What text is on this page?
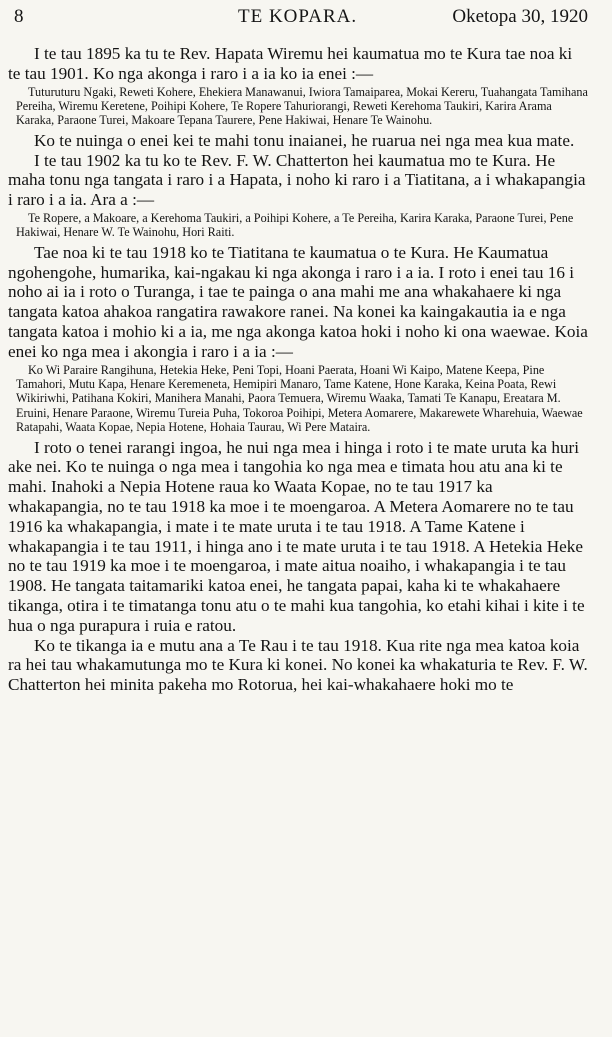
8	TE KOPARA.	Oketopa 30, 1920

I te tau 1895 ka tu te Rev. Hapata Wiremu hei kaumatua mo te Kura tae noa ki te tau 1901. Ko nga akonga i raro i a ia ko ia enei :—

Tuturuturu Ngaki, Reweti Kohere, Ehekiera Manawanui, Iwiora Tamaiparea, Mokai Kereru, Tuahangata Tamihana Pereiha, Wiremu Keretene, Poihipi Kohere, Te Ropere Tahuriorangi, Reweti Kerehoma Taukiri, Karira Arama Karaka, Paraone Turei, Makoare Tepana Taurere, Pene Hakiwai, Henare Te Wainohu.

Ko te nuinga o enei kei te mahi tonu inaianei, he ruarua nei nga mea kua mate.

I te tau 1902 ka tu ko te Rev. F. W. Chatterton hei kaumatua mo te Kura. He maha tonu nga tangata i raro i a Hapata, i noho ki raro i a Tiatitana, a i whakapangia i raro i a ia. Ara a :—

Te Ropere, a Makoare, a Kerehoma Taukiri, a Poihipi Kohere, a Te Pereiha, Karira Karaka, Paraone Turei, Pene Hakiwai, Henare W. Te Wainohu, Hori Raiti.

Tae noa ki te tau 1918 ko te Tiatitana te kaumatua o te Kura. He Kaumatua ngohengohe, humarika, kai-ngakau ki nga akonga i raro i a ia. I roto i enei tau 16 i noho ai ia i roto o Turanga, i tae te painga o ana mahi me ana whakahaere ki nga tangata katoa ahakoa rangatira rawakore ranei. Na konei ka kaingakautia ia e nga tangata katoa i mohio ki a ia, me nga akonga katoa hoki i noho ki ona waewae. Koia enei ko nga mea i akongia i raro i a ia :—

Ko Wi Paraire Rangihuna, Hetekia Heke, Peni Topi, Hoani Paerata, Hoani Wi Kaipo, Matene Keepa, Pine Tamahori, Mutu Kapa, Henare Keremeneta, Hemipiri Manaro, Tame Katene, Hone Karaka, Keina Poata, Rewi Wikiriwhi, Patihana Kokiri, Manihera Manahi, Paora Temuera, Wiremu Waaka, Tamati Te Kanapu, Ereatara M. Eruini, Henare Paraone, Wiremu Tureia Puha, Tokoroa Poihipi, Metera Aomarere, Makarewete Wharehuia, Waewae Ratapahi, Waata Kopae, Nepia Hotene, Hohaia Taurau, Wi Pere Mataira.

I roto o tenei rarangi ingoa, he nui nga mea i hinga i roto i te mate uruta ka huri ake nei. Ko te nuinga o nga mea i tangohia ko nga mea e timata hou atu ana ki te mahi. Inahoki a Nepia Hotene raua ko Waata Kopae, no te tau 1917 ka whakapangia, no te tau 1918 ka moe i te moengaroa. A Metera Aomarere no te tau 1916 ka whakapangia, i mate i te mate uruta i te tau 1918. A Tame Katene i whakapangia i te tau 1911, i hinga ano i te mate uruta i te tau 1918. A Hetekia Heke no te tau 1919 ka moe i te moengaroa, i mate aitua noaiho, i whakapangia i te tau 1908. He tangata taitamariki katoa enei, he tangata papai, kaha ki te whakahaere tikanga, otira i te timatanga tonu atu o te mahi kua tangohia, ko etahi kihai i kite i te hua o nga purapura i ruia e ratou.

Ko te tikanga ia e mutu ana a Te Rau i te tau 1918. Kua rite nga mea katoa koia ra hei tau whakamutunga mo te Kura ki konei. No konei ka whakaturia te Rev. F. W. Chatterton hei minita pakeha mo Rotorua, hei kai-whakahaere hoki mo te
